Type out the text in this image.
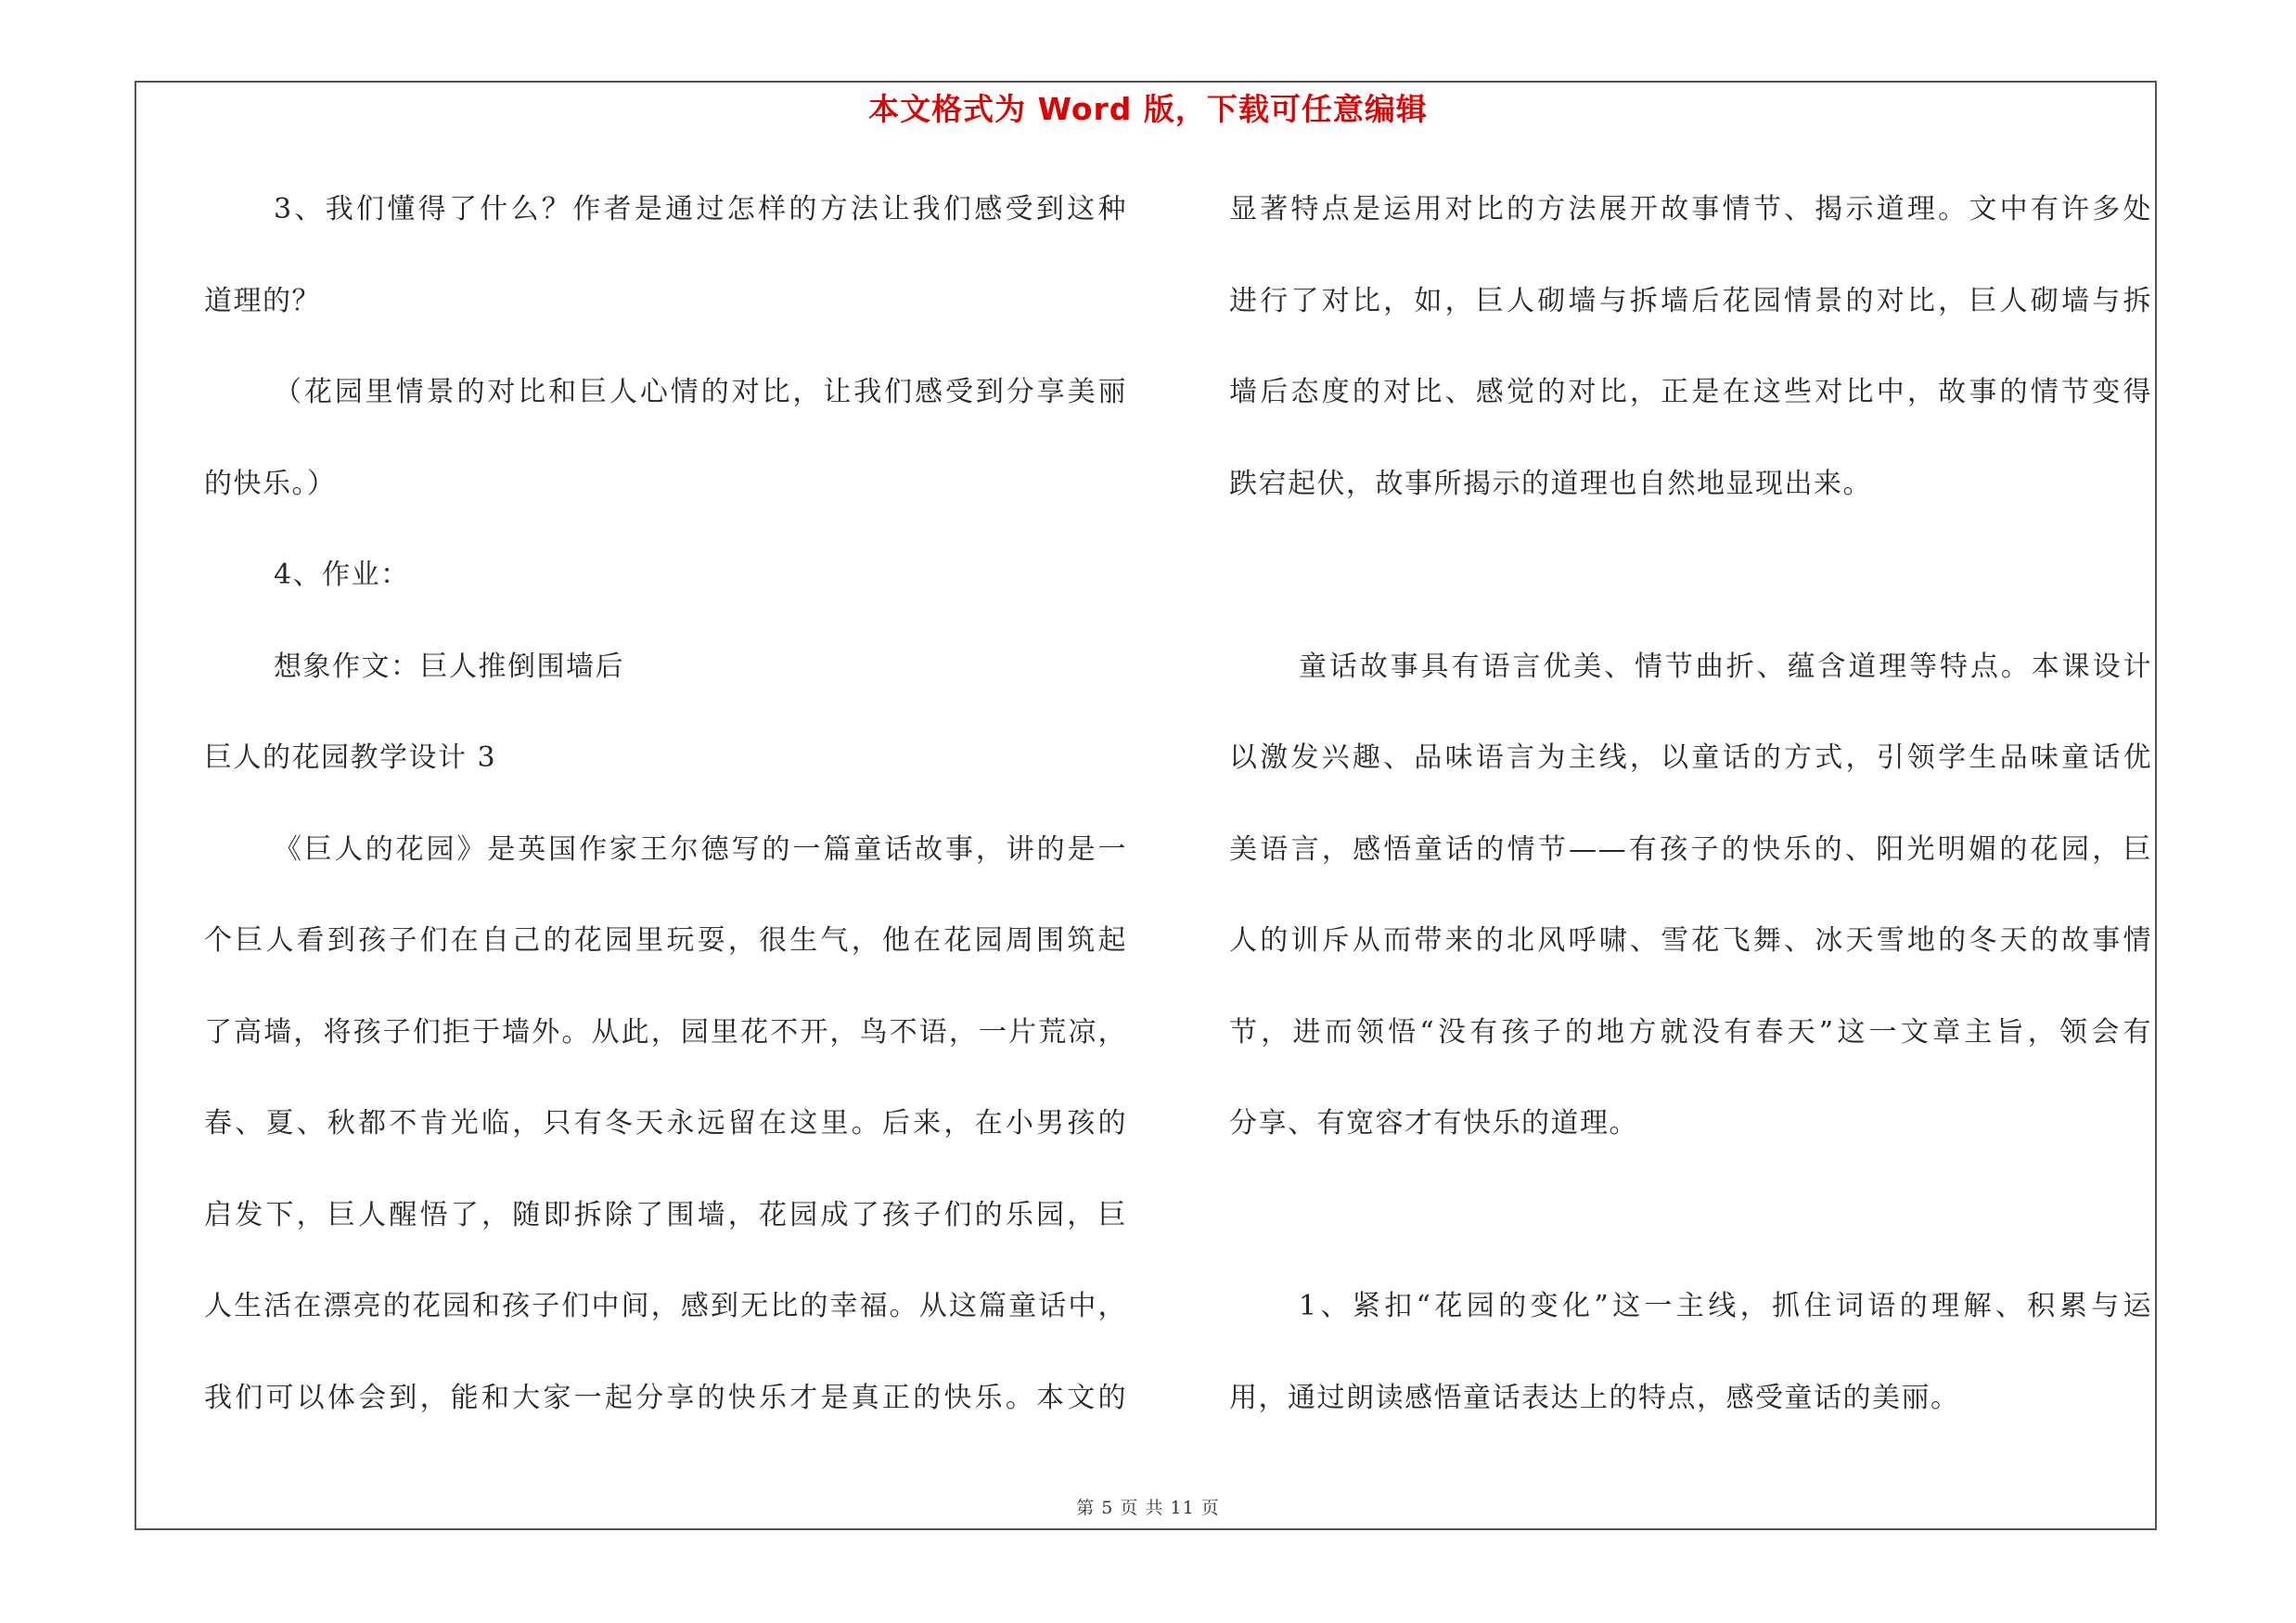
本文格式为 Word 版，下载可任意编辑
3、我们懂得了什么？作者是通过怎样的方法让我们感受到这种
道理的？
（花园里情景的对比和巨人心情的对比，让我们感受到分享美丽
的快乐。）
4、作业：
想象作文：巨人推倒围墙后
巨人的花园教学设计 3
《巨人的花园》是英国作家王尔德写的一篇童话故事，讲的是一
个巨人看到孩子们在自己的花园里玩耍，很生气，他在花园周围筑起
了高墙，将孩子们拒于墙外。从此，园里花不开，鸟不语，一片荒凉，
春、夏、秋都不肯光临，只有冬天永远留在这里。后来，在小男孩的
启发下，巨人醒悟了，随即拆除了围墙，花园成了孩子们的乐园，巨
人生活在漂亮的花园和孩子们中间，感到无比的幸福。从这篇童话中，
我们可以体会到，能和大家一起分享的快乐才是真正的快乐。本文的
显著特点是运用对比的方法展开故事情节、揭示道理。文中有许多处
进行了对比，如，巨人砌墙与拆墙后花园情景的对比，巨人砌墙与拆
墙后态度的对比、感觉的对比，正是在这些对比中，故事的情节变得
跌宕起伏，故事所揭示的道理也自然地显现出来。
童话故事具有语言优美、情节曲折、蕴含道理等特点。本课设计
以激发兴趣、品味语言为主线，以童话的方式，引领学生品味童话优
美语言，感悟童话的情节——有孩子的快乐的、阳光明媚的花园，巨
人的训斥从而带来的北风呼啸、雪花飞舞、冰天雪地的冬天的故事情
节，进而领悟“没有孩子的地方就没有春天”这一文章主旨，领会有
分享、有宽容才有快乐的道理。
1、紧扣“花园的变化”这一主线，抓住词语的理解、积累与运
用，通过朗读感悟童话表达上的特点，感受童话的美丽。
第 5 页 共 11 页
